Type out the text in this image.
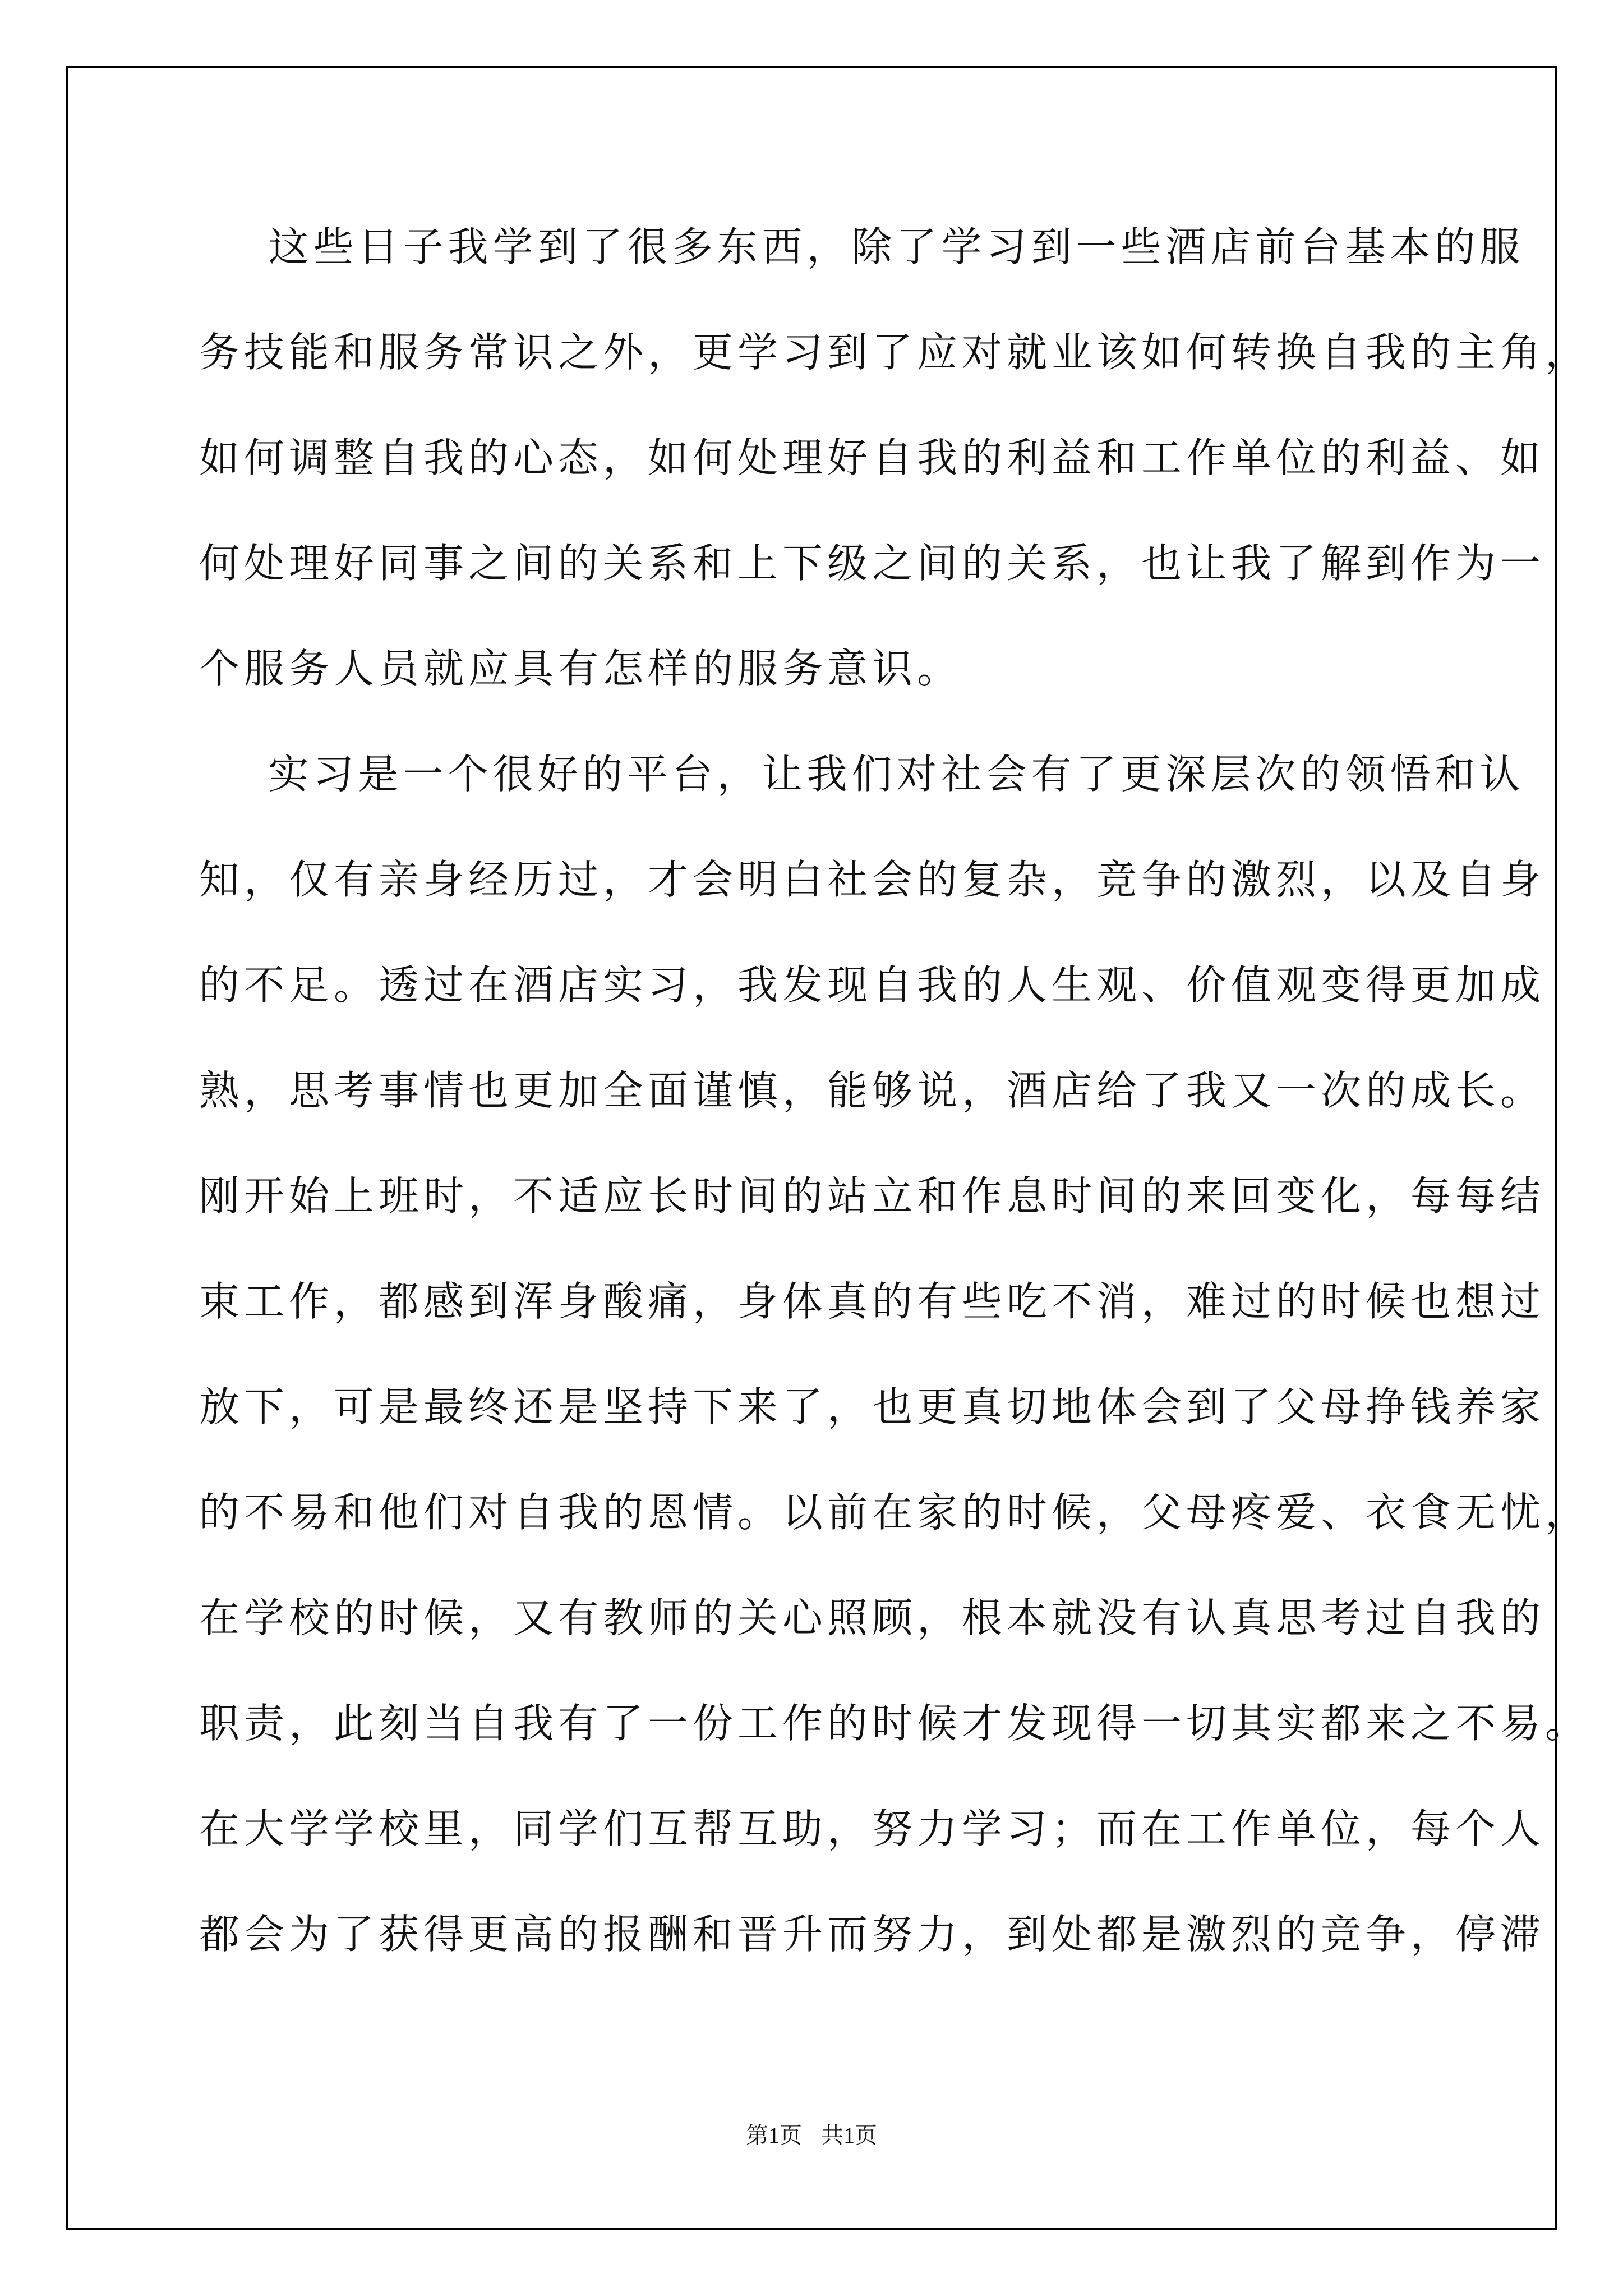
这些日子我学到了很多东西，除了学习到一些酒店前台基本的服
务技能和服务常识之外，更学习到了应对就业该如何转换自我的主角，
如何调整自我的心态，如何处理好自我的利益和工作单位的利益、如
何处理好同事之间的关系和上下级之间的关系，也让我了解到作为一
个服务人员就应具有怎样的服务意识。
实习是一个很好的平台，让我们对社会有了更深层次的领悟和认
知，仅有亲身经历过，才会明白社会的复杂，竞争的激烈，以及自身
的不足。透过在酒店实习，我发现自我的人生观、价值观变得更加成
熟，思考事情也更加全面谨慎，能够说，酒店给了我又一次的成长。
刚开始上班时，不适应长时间的站立和作息时间的来回变化，每每结
束工作，都感到浑身酸痛，身体真的有些吃不消，难过的时候也想过
放下，可是最终还是坚持下来了，也更真切地体会到了父母挣钱养家
的不易和他们对自我的恩情。以前在家的时候，父母疼爱、衣食无忧，
在学校的时候，又有教师的关心照顾，根本就没有认真思考过自我的
职责，此刻当自我有了一份工作的时候才发现得一切其实都来之不易。
在大学学校里，同学们互帮互助，努力学习；而在工作单位，每个人
都会为了获得更高的报酬和晋升而努力，到处都是激烈的竞争，停滞
第1页 共1页
